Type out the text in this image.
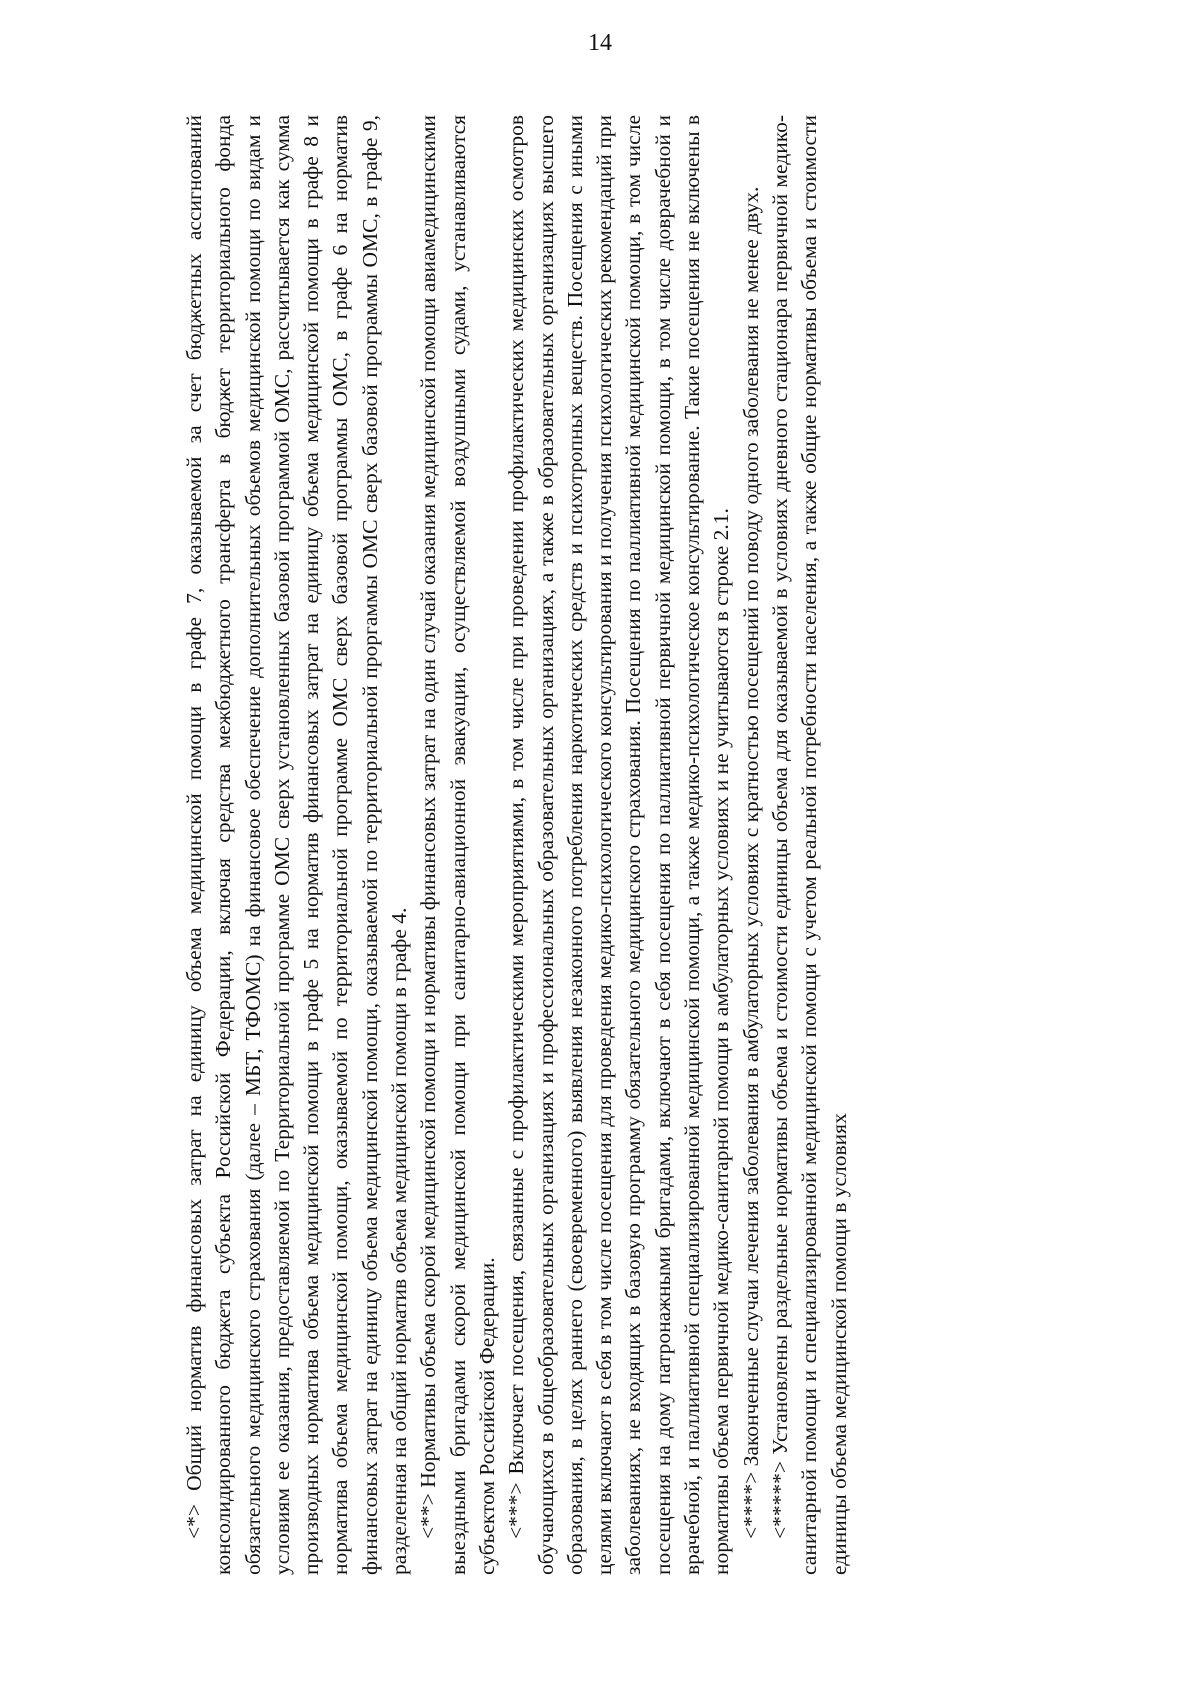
14

<*> Общий норматив финансовых затрат на единицу объема медицинской помощи в графе 7, оказываемой за счет бюджетных ассигнований консолидированного бюджета субъекта Российской Федерации, включая средства межбюджетного трансферта в бюджет территориального фонда обязательного медицинского страхования (далее – МБТ, ТФОМС) на финансовое обеспечение дополнительных объемов медицинской помощи по видам и условиям ее оказания, предоставляемой по Территориальной программе ОМС сверх установленных базовой программой ОМС, рассчитывается как сумма производных норматива объема медицинской помощи в графе 5 на норматив финансовых затрат на единицу объема медицинской помощи в графе 8 и норматива объема медицинской помощи, оказываемой по территориальной программе ОМС сверх базовой программы ОМС, в графе 6 на норматив финансовых затрат на единицу объема медицинской помощи, оказываемой по территориальной проргаммы ОМС сверх базовой программы ОМС, в графе 9, разделенная на общий норматив объема медицинской помощи в графе 4. <**> Нормативы объема скорой медицинской помощи и нормативы финансовых затрат на один случай оказания медицинской помощи авиамедицинскими выездными бригадами скорой медицинской помощи при санитарно-авиационной эвакуации, осуществляемой воздушными судами, устанавливаются субъектом Российской Федерации. <***> Включает посещения, связанные с профилактическими мероприятиями, в том числе при проведении профилактических медицинских осмотров обучающихся в общеобразовательных организациях и профессиональных образовательных организациях, а также в образовательных организациях высшего образования, в целях раннего (своевременного) выявления незаконного потребления наркотических средств и психотропных веществ. Посещения с иными целями включают в себя в том числе посещения для проведения медико-психологического консультирования и получения психологических рекомендаций при заболеваниях, не входящих в базовую программу обязательного медицинского страхования. Посещения по паллиативной медицинской помощи, в том числе посещения на дому патронажными бригадами, включают в себя посещения по паллиативной первичной медицинской помощи, в том числе доврачебной и врачебной, и паллиативной специализированной медицинской помощи, а также медико-психологическое консультирование. Такие посещения не включены в нормативы объема первичной медико-санитарной помощи в амбулаторных условиях и не учитываются в строке 2.1. <****> Законченные случаи лечения заболевания в амбулаторных условиях с кратностью посещений по поводу одного заболевания не менее двух.

<*****> Установлены раздельные нормативы объема и стоимости единицы объема для оказываемой в условиях дневного стационара первичной медико-санитарной помощи и специализированной медицинской помощи с учетом реальной потребности населения, а также общие нормативы объема и стоимости единицы объема медицинской помощи в условиях
